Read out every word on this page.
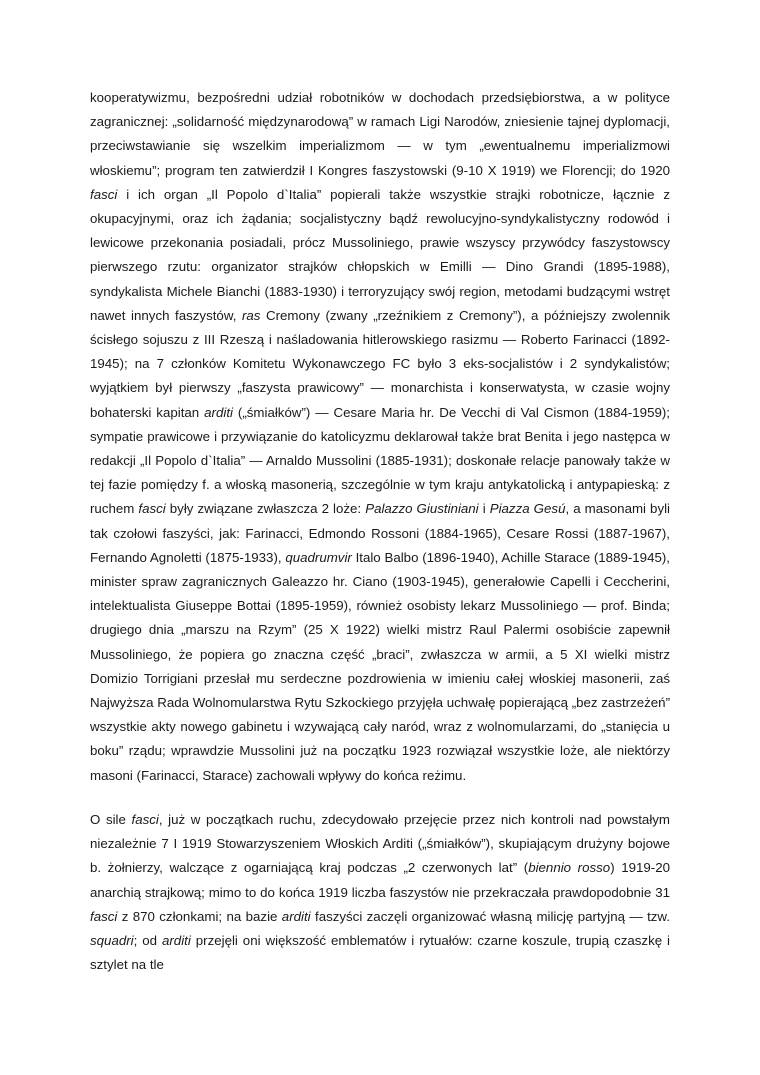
kooperatywizmu, bezpośredni udział robotników w dochodach przedsiębiorstwa, a w polityce zagranicznej: „solidarność międzynarodową” w ramach Ligi Narodów, zniesienie tajnej dyplomacji, przeciwstawianie się wszelkim imperializmom — w tym „ewentualnemu imperializmowi włoskiemu”; program ten zatwierdził I Kongres faszystowski (9-10 X 1919) we Florencji; do 1920 fasci i ich organ „Il Popolo d`Italia” popierali także wszystkie strajki robotnicze, łącznie z okupacyjnymi, oraz ich żądania; socjalistyczny bądź rewolucyjno-syndykalistyczny rodowód i lewicowe przekonania posiadali, prócz Mussoliniego, prawie wszyscy przywódcy faszystowscy pierwszego rzutu: organizator strajków chłopskich w Emilli — Dino Grandi (1895-1988), syndykalista Michele Bianchi (1883-1930) i terroryzujący swój region, metodami budzącymi wstręt nawet innych faszystów, ras Cremony (zwany „rzeźnikiem z Cremony”), a późniejszy zwolennik ścisłego sojuszu z III Rzeszą i naśladowania hitlerowskiego rasizmu — Roberto Farinacci (1892-1945); na 7 członków Komitetu Wykonawczego FC było 3 eks-socjalistów i 2 syndykalistów; wyjątkiem był pierwszy „faszysta prawicowy” — monarchista i konserwatysta, w czasie wojny bohaterski kapitan arditi („śmiałków”) — Cesare Maria hr. De Vecchi di Val Cismon (1884-1959); sympatie prawicowe i przywiązanie do katolicyzmu deklarował także brat Benita i jego następca w redakcji „Il Popolo d`Italia” — Arnaldo Mussolini (1885-1931); doskonałe relacje panowały także w tej fazie pomiędzy f. a włoską masonerią, szczególnie w tym kraju antykatolicką i antypapieską: z ruchem fasci były związane zwłaszcza 2 loże: Palazzo Giustiniani i Piazza Gesú, a masonami byli tak czołowi faszyści, jak: Farinacci, Edmondo Rossoni (1884-1965), Cesare Rossi (1887-1967), Fernando Agnoletti (1875-1933), quadrumvir Italo Balbo (1896-1940), Achille Starace (1889-1945), minister spraw zagranicznych Galeazzo hr. Ciano (1903-1945), generałowie Capelli i Ceccherini, intelektualista Giuseppe Bottai (1895-1959), również osobisty lekarz Mussoliniego — prof. Binda; drugiego dnia „marszu na Rzym” (25 X 1922) wielki mistrz Raul Palermi osobiście zapewnił Mussoliniego, że popiera go znaczna część „braci”, zwłaszcza w armii, a 5 XI wielki mistrz Domizio Torrigiani przesłał mu serdeczne pozdrowienia w imieniu całej włoskiej masonerii, zaś Najwyższa Rada Wolnomularstwa Rytu Szkockiego przyjęła uchwałę popierającą „bez zastrzeżeń” wszystkie akty nowego gabinetu i wzywającą cały naród, wraz z wolnomularzami, do „stanięcia u boku” rządu; wprawdzie Mussolini już na początku 1923 rozwiązał wszystkie loże, ale niektórzy masoni (Farinacci, Starace) zachowali wpływy do końca reżimu.

O sile fasci, już w początkach ruchu, zdecydowało przejęcie przez nich kontroli nad powstałym niezależnie 7 I 1919 Stowarzyszeniem Włoskich Arditi („śmiałków”), skupiającym drużyny bojowe b. żołnierzy, walczące z ogarniającą kraj podczas „2 czerwonych lat” (biennio rosso) 1919-20 anarchią strajkową; mimo to do końca 1919 liczba faszystów nie przekraczała prawdopodobnie 31 fasci z 870 członkami; na bazie arditi faszyści zaczęli organizować własną milicję partyjną — tzw. squadri; od arditi przejęli oni większość emblematów i rytuałów: czarne koszule, trupią czaszkę i sztylet na tle
